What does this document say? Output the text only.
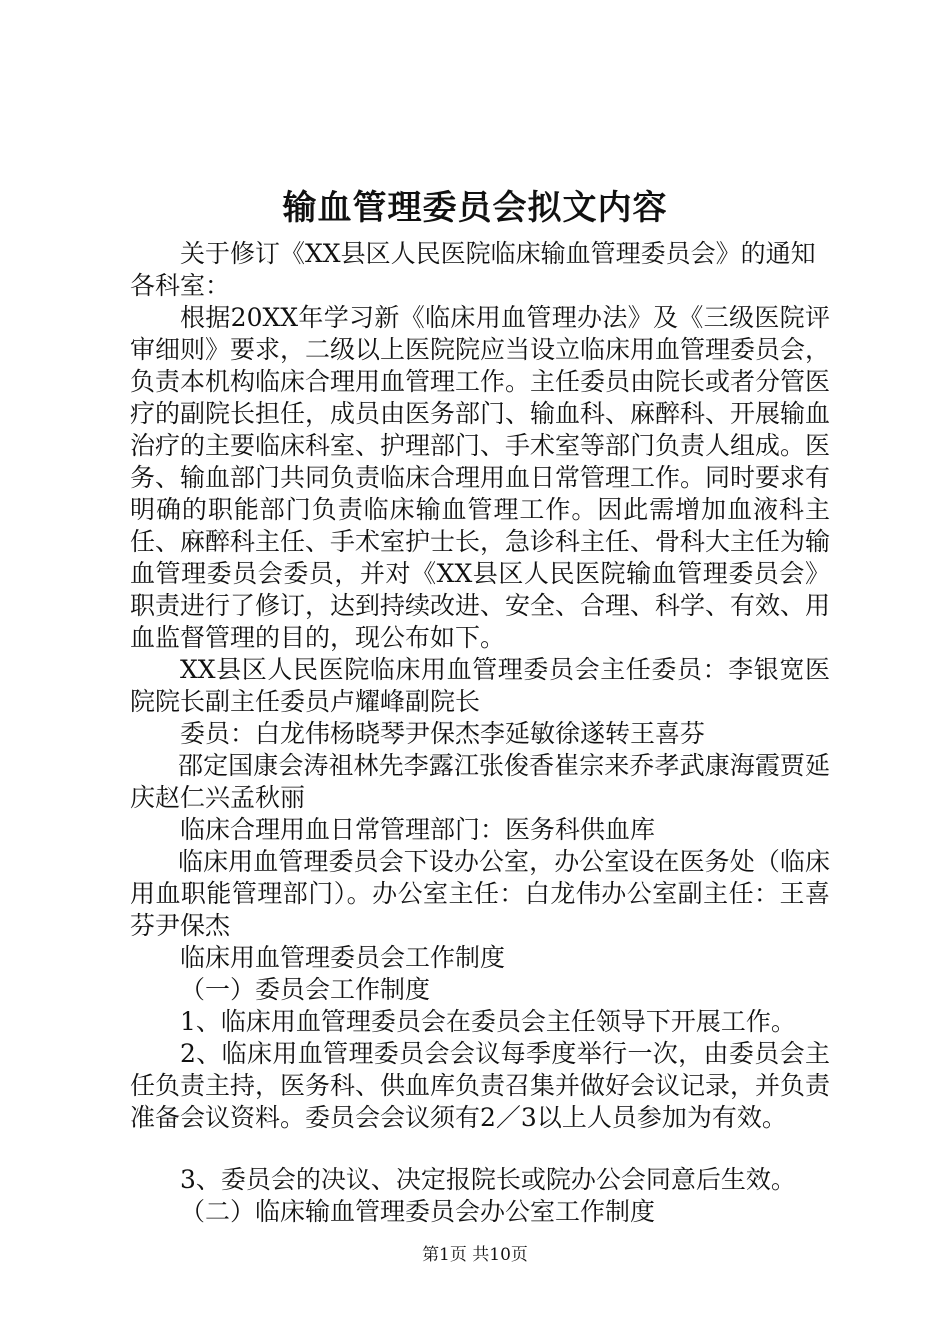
输血管理委员会拟文内容

关于修订《XX县区人民医院临床输血管理委员会》的通知

各科室：

根据20XX年学习新《临床用血管理办法》及《三级医院评审细则》要求，二级以上医院院应当设立临床用血管理委员会，负责本机构临床合理用血管理工作。主任委员由院长或者分管医疗的副院长担任，成员由医务部门、输血科、麻醉科、开展输血治疗的主要临床科室、护理部门、手术室等部门负责人组成。医务、输血部门共同负责临床合理用血日常管理工作。同时要求有明确的职能部门负责临床输血管理工作。因此需增加血液科主任、麻醉科主任、手术室护士长，急诊科主任、骨科大主任为输血管理委员会委员，并对《XX县区人民医院输血管理委员会》职责进行了修订，达到持续改进、安全、合理、科学、有效、用血监督管理的目的，现公布如下。

XX县区人民医院临床用血管理委员会主任委员：李银宽医院院长副主任委员卢耀峰副院长

委员：白龙伟杨晓琴尹保杰李延敏徐遂转王喜芬

邵定国康会涛祖林先李露江张俊香崔宗来乔孝武康海霞贾延庆赵仁兴孟秋丽

临床合理用血日常管理部门：医务科供血库

临床用血管理委员会下设办公室，办公室设在医务处（临床用血职能管理部门）。办公室主任：白龙伟办公室副主任：王喜芬尹保杰

临床用血管理委员会工作制度

（一）委员会工作制度

1、临床用血管理委员会在委员会主任领导下开展工作。

2、临床用血管理委员会会议每季度举行一次，由委员会主任负责主持，医务科、供血库负责召集并做好会议记录，并负责准备会议资料。委员会会议须有2／3以上人员参加为有效。

3、委员会的决议、决定报院长或院办公会同意后生效。

（二）临床输血管理委员会办公室工作制度

第1页 共10页
